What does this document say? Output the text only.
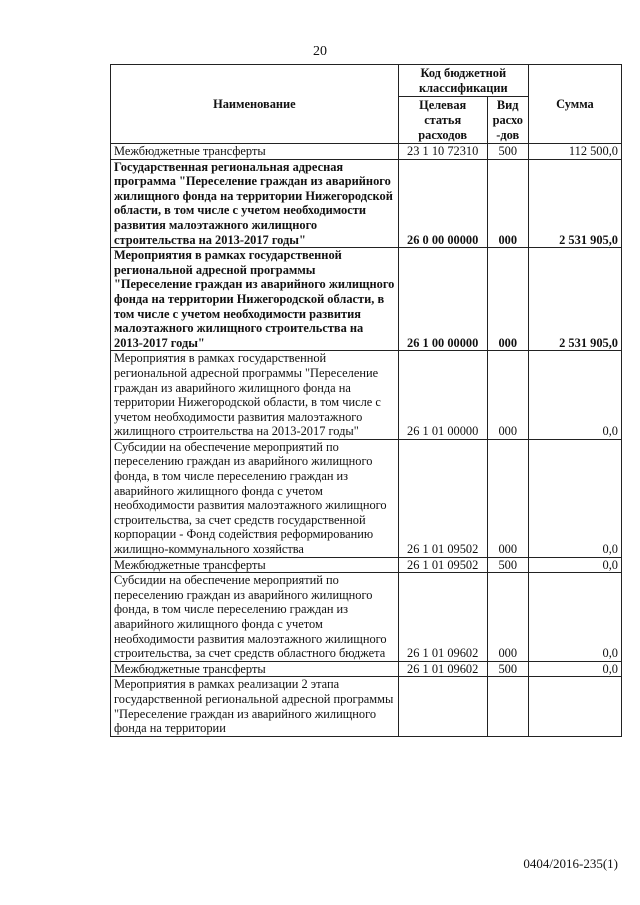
20
Наименование	Код бюджетной классификации		Сумма
	Целевая статья расходов	Вид расхо -дов	
Межбюджетные трансферты	23 1 10 72310	500	112 500,0
Государственная региональная адресная программа "Переселение граждан из аварийного жилищного фонда на территории Нижегородской области, в том числе с учетом необходимости развития малоэтажного жилищного строительства на 2013-2017 годы"	26 0 00 00000	000	2 531 905,0
Мероприятия в рамках государственной региональной адресной программы "Переселение граждан из аварийного жилищного фонда на территории Нижегородской области, в том числе с учетом необходимости развития малоэтажного жилищного строительства на 2013-2017 годы"	26 1 00 00000	000	2 531 905,0
Мероприятия в рамках государственной региональной адресной программы "Переселение граждан из аварийного жилищного фонда на территории Нижегородской области, в том числе с учетом необходимости развития малоэтажного жилищного строительства на 2013-2017 годы"	26 1 01 00000	000	0,0
Субсидии на обеспечение мероприятий по переселению граждан из аварийного жилищного фонда, в том числе переселению граждан из аварийного жилищного фонда с учетом необходимости развития малоэтажного жилищного строительства, за счет средств государственной корпорации - Фонд содействия реформированию жилищно-коммунального хозяйства	26 1 01 09502	000	0,0
Межбюджетные трансферты	26 1 01 09502	500	0,0
Субсидии на обеспечение мероприятий по переселению граждан из аварийного жилищного фонда, в том числе переселению граждан из аварийного жилищного фонда с учетом необходимости развития малоэтажного жилищного строительства, за счет средств областного бюджета	26 1 01 09602	000	0,0
Межбюджетные трансферты	26 1 01 09602	500	0,0
Мероприятия в рамках реализации 2 этапа государственной региональной адресной программы "Переселение граждан из аварийного жилищного фонда на территории			
0404/2016-235(1)
